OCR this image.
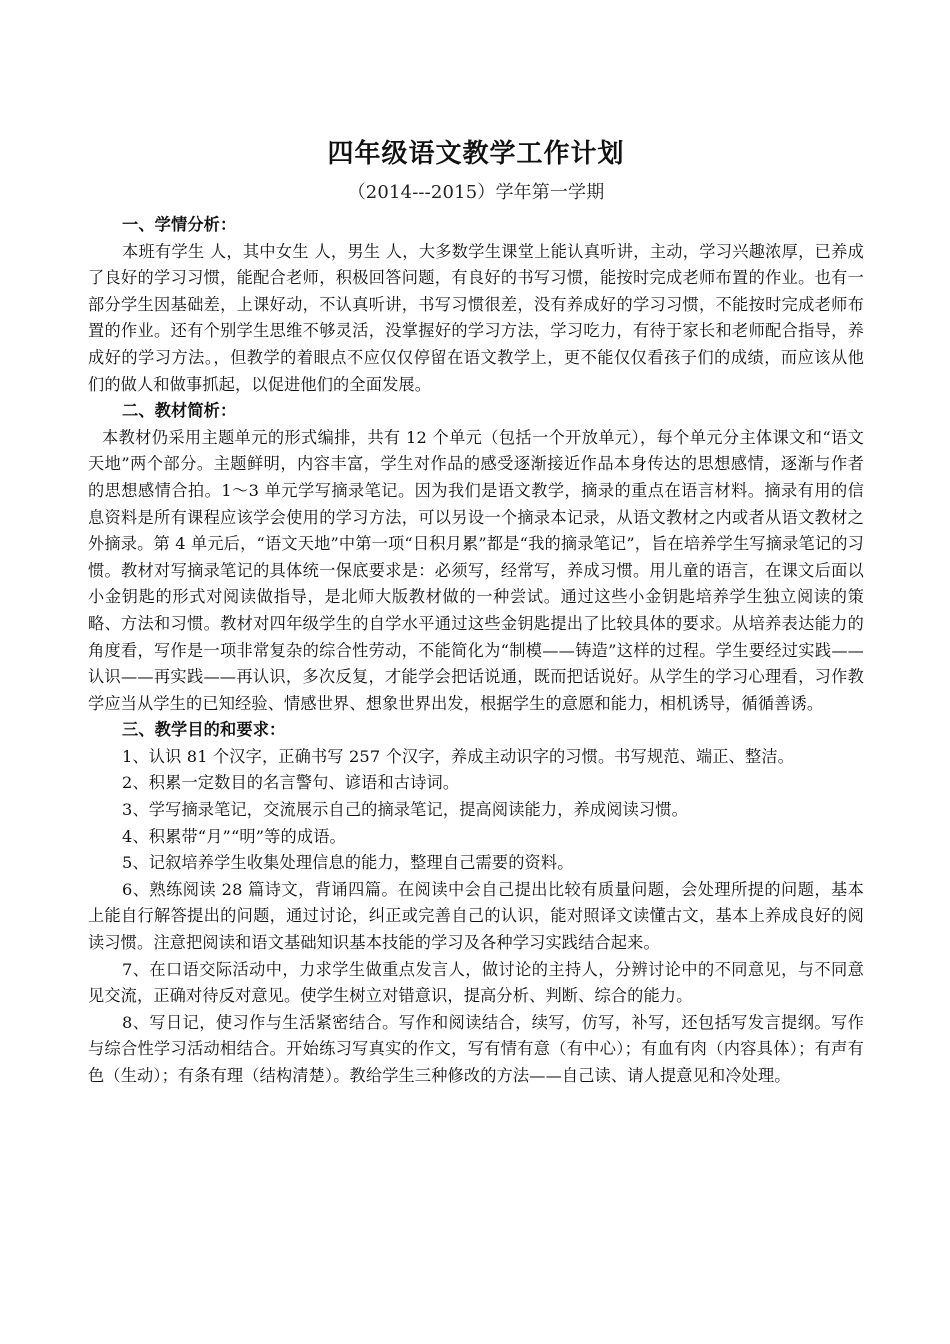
四年级语文教学工作计划
（2014---2015）学年第一学期
一、学情分析：

本班有学生 人，其中女生 人，男生 人，大多数学生课堂上能认真听讲，主动，学习兴趣浓厚，已养成了良好的学习习惯，能配合老师，积极回答问题，有良好的书写习惯，能按时完成老师布置的作业。也有一部分学生因基础差，上课好动，不认真听讲，书写习惯很差，没有养成好的学习习惯，不能按时完成老师布置的作业。还有个别学生思维不够灵活，没掌握好的学习方法，学习吃力，有待于家长和老师配合指导，养成好的学习方法。，但教学的着眼点不应仅仅停留在语文教学上，更不能仅仅看孩子们的成绩，而应该从他们的做人和做事抓起，以促进他们的全面发展。

二、教材简析：

本教材仍采用主题单元的形式编排，共有 12 个单元（包括一个开放单元），每个单元分主体课文和“语文天地”两个部分。主题鲜明，内容丰富，学生对作品的感受逐渐接近作品本身传达的思想感情，逐渐与作者的思想感情合拍。1～3 单元学写摘录笔记。因为我们是语文教学，摘录的重点在语言材料。摘录有用的信息资料是所有课程应该学会使用的学习方法，可以另设一个摘录本记录，从语文教材之内或者从语文教材之外摘录。第 4 单元后，“语文天地”中第一项“日积月累”都是“我的摘录笔记”，旨在培养学生写摘录笔记的习惯。教材对写摘录笔记的具体统一保底要求是：必须写，经常写，养成习惯。用儿童的语言，在课文后面以小金钥匙的形式对阅读做指导，是北师大版教材做的一种尝试。通过这些小金钥匙培养学生独立阅读的策略、方法和习惯。教材对四年级学生的自学水平通过这些金钥匙提出了比较具体的要求。从培养表达能力的角度看，写作是一项非常复杂的综合性劳动，不能简化为“制模——铸造”这样的过程。学生要经过实践——认识——再实践——再认识，多次反复，才能学会把话说通，既而把话说好。从学生的学习心理看，习作教学应当从学生的已知经验、情感世界、想象世界出发，根据学生的意愿和能力，相机诱导，循循善诱。

三、教学目的和要求：

1、认识 81 个汉字，正确书写 257 个汉字，养成主动识字的习惯。书写规范、端正、整洁。

2、积累一定数目的名言警句、谚语和古诗词。

3、学写摘录笔记，交流展示自己的摘录笔记，提高阅读能力，养成阅读习惯。

4、积累带“月”“明”等的成语。

5、记叙培养学生收集处理信息的能力，整理自己需要的资料。

6、熟练阅读 28 篇诗文，背诵四篇。在阅读中会自己提出比较有质量问题，会处理所提的问题，基本上能自行解答提出的问题，通过讨论，纠正或完善自己的认识，能对照译文读懂古文，基本上养成良好的阅读习惯。注意把阅读和语文基础知识基本技能的学习及各种学习实践结合起来。

7、在口语交际活动中，力求学生做重点发言人，做讨论的主持人，分辨讨论中的不同意见，与不同意见交流，正确对待反对意见。使学生树立对错意识，提高分析、判断、综合的能力。

8、写日记，使习作与生活紧密结合。写作和阅读结合，续写，仿写，补写，还包括写发言提纲。写作与综合性学习活动相结合。开始练习写真实的作文，写有情有意（有中心）；有血有肉（内容具体）；有声有色（生动）；有条有理（结构清楚）。教给学生三种修改的方法——自己读、请人提意见和冷处理。
